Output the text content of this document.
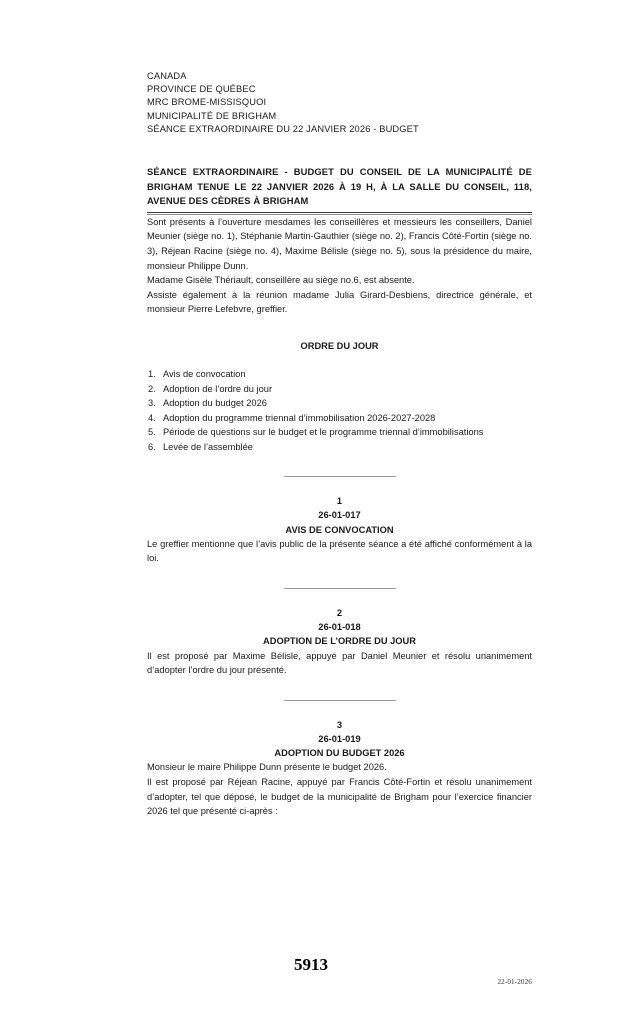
CANADA
PROVINCE DE QUÉBEC
MRC BROME-MISSISQUOI
MUNICIPALITÉ DE BRIGHAM
SÉANCE EXTRAORDINAIRE DU 22 JANVIER 2026 - BUDGET
SÉANCE EXTRAORDINAIRE - BUDGET DU CONSEIL DE LA MUNICIPALITÉ DE BRIGHAM TENUE LE 22 JANVIER 2026 À 19 H, À LA SALLE DU CONSEIL, 118, AVENUE DES CÈDRES À BRIGHAM

Sont présents à l’ouverture mesdames les conseillères et messieurs les conseillers, Daniel Meunier (siège no. 1), Stéphanie Martin-Gauthier (siège no. 2), Francis Côté-Fortin (siège no. 3), Réjean Racine (siège no. 4), Maxime Bélisle (siège no. 5), sous la présidence du maire, monsieur Philippe Dunn.

Madame Gisèle Thériault, conseillère au siège no.6, est absente.

Assiste également à la réunion madame Julia Girard-Desbiens, directrice générale, et monsieur Pierre Lefebvre, greffier.

ORDRE DU JOUR
1. Avis de convocation
2. Adoption de l’ordre du jour
3. Adoption du budget 2026
4. Adoption du programme triennal d’immobilisation 2026-2027-2028
5. Période de questions sur le budget et le programme triennal d’immobilisations
6. Levée de l’assemblée
1
26-01-017
AVIS DE CONVOCATION

Le greffier mentionne que l’avis public de la présente séance a été affiché conformément à la loi.

2
26-01-018
ADOPTION DE L’ORDRE DU JOUR

Il est proposé par Maxime Bélisle, appuyé par Daniel Meunier et résolu unanimement d’adopter l’ordre du jour présenté.

3
26-01-019
ADOPTION DU BUDGET 2026

Monsieur le maire Philippe Dunn présente le budget 2026.

Il est proposé par Réjean Racine, appuyé par Francis Côté-Fortin et résolu unanimement d’adopter, tel que déposé, le budget de la municipalité de Brigham pour l’exercice financier 2026 tel que présenté ci-après :

5913
22-01-2026
